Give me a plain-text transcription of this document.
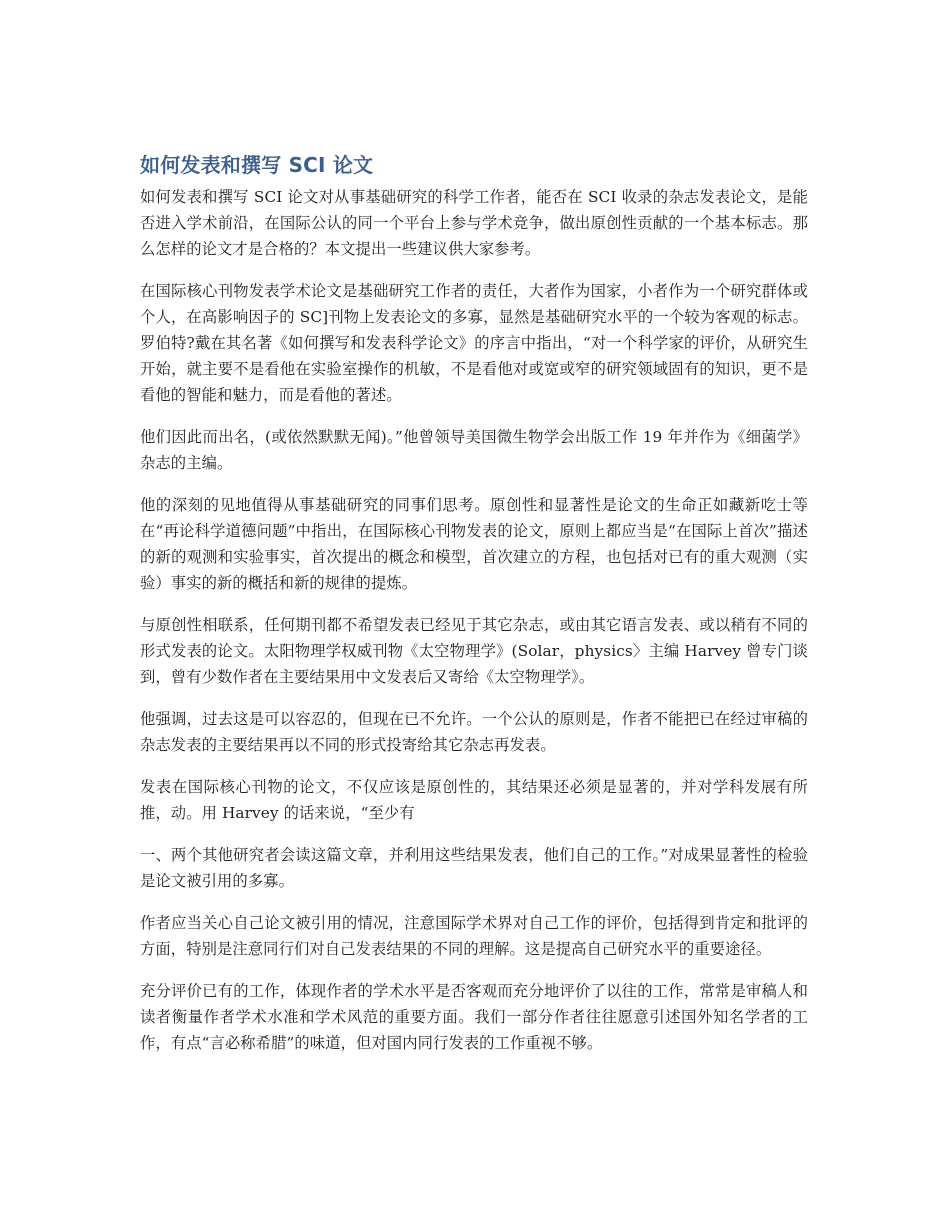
如何发表和撰写 SCI 论文

如何发表和撰写 SCI 论文对从事基础研究的科学工作者，能否在 SCI 收录的杂志发表论文，是能否进入学术前沿，在国际公认的同一个平台上参与学术竞争，做出原创性贡献的一个基本标志。那么怎样的论文才是合格的？本文提出一些建议供大家参考。

在国际核心刊物发表学术论文是基础研究工作者的责任，大者作为国家，小者作为一个研究群体或个人，在高影响因子的 SC]刊物上发表论文的多寡，显然是基础研究水平的一个较为客观的标志。罗伯特?戴在其名著《如何撰写和发表科学论文》的序言中指出，“对一个科学家的评价，从研究生开始，就主要不是看他在实验室操作的机敏，不是看他对或宽或窄的研究领域固有的知识，更不是看他的智能和魅力，而是看他的著述。

他们因此而出名，(或依然默默无闻)。”他曾领导美国微生物学会出版工作 19 年并作为《细菌学》杂志的主编。

他的深刻的见地值得从事基础研究的同事们思考。原创性和显著性是论文的生命正如藏新吃士等在“再论科学道德问题”中指出，在国际核心刊物发表的论文，原则上都应当是“在国际上首次”描述的新的观测和实验事实，首次提出的概念和模型，首次建立的方程，也包括对已有的重大观测（实验）事实的新的概括和新的规律的提炼。

与原创性相联系，任何期刊都不希望发表已经见于其它杂志，或由其它语言发表、或以稍有不同的形式发表的论文。太阳物理学权威刊物《太空物理学》(Solar，physics〉主编 Harvey 曾专门谈到，曾有少数作者在主要结果用中文发表后又寄给《太空物理学》。

他强调，过去这是可以容忍的，但现在已不允许。一个公认的原则是，作者不能把已在经过审稿的杂志发表的主要结果再以不同的形式投寄给其它杂志再发表。

发表在国际核心刊物的论文，不仅应该是原创性的，其结果还必须是显著的，并对学科发展有所推，动。用 Harvey 的话来说，“至少有

一、两个其他研究者会读这篇文章，并利用这些结果发表，他们自己的工作。”对成果显著性的检验是论文被引用的多寡。

作者应当关心自己论文被引用的情况，注意国际学术界对自己工作的评价，包括得到肯定和批评的方面，特别是注意同行们对自己发表结果的不同的理解。这是提高自己研究水平的重要途径。

充分评价已有的工作，体现作者的学术水平是否客观而充分地评价了以往的工作，常常是审稿人和读者衡量作者学术水准和学术风范的重要方面。我们一部分作者往往愿意引述国外知名学者的工作，有点“言必称希腊”的味道，但对国内同行发表的工作重视不够。
